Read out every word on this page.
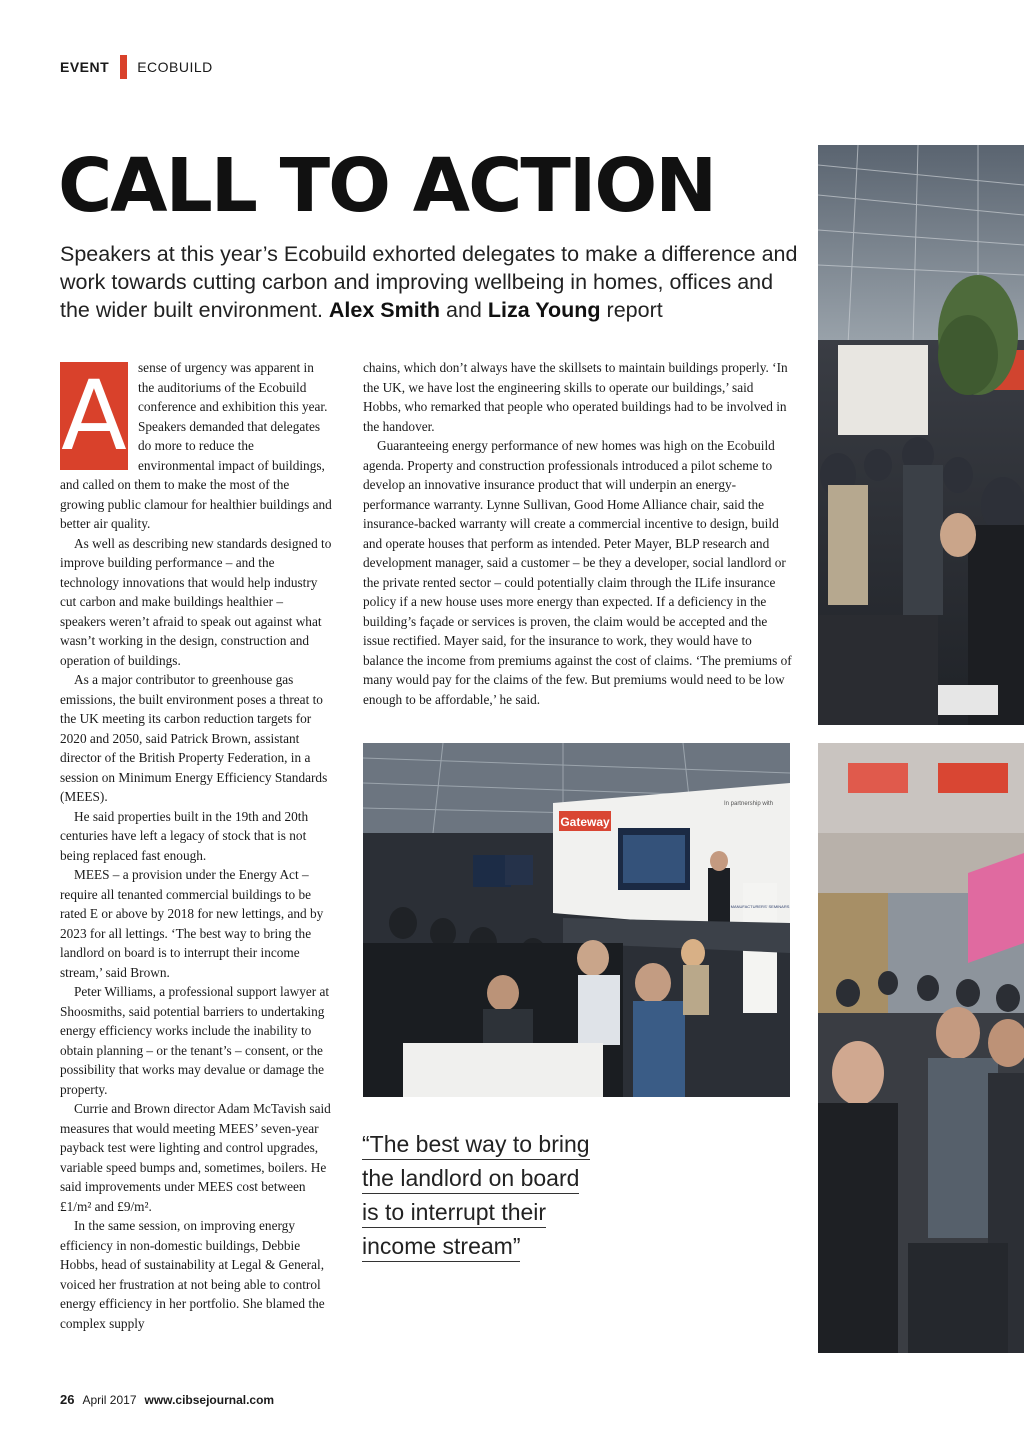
EVENT ECOBUILD
CALL TO ACTION
Speakers at this year’s Ecobuild exhorted delegates to make a difference and work towards cutting carbon and improving wellbeing in homes, offices and the wider built environment. Alex Smith and Liza Young report

A sense of urgency was apparent in the auditoriums of the Ecobuild conference and exhibition this year. Speakers demanded that delegates do more to reduce the environmental impact of buildings, and called on them to make the most of the growing public clamour for healthier buildings and better air quality.

As well as describing new standards designed to improve building performance – and the technology innovations that would help industry cut carbon and make buildings healthier – speakers weren’t afraid to speak out against what wasn’t working in the design, construction and operation of buildings.

As a major contributor to greenhouse gas emissions, the built environment poses a threat to the UK meeting its carbon reduction targets for 2020 and 2050, said Patrick Brown, assistant director of the British Property Federation, in a session on Minimum Energy Efficiency Standards (MEES).

He said properties built in the 19th and 20th centuries have left a legacy of stock that is not being replaced fast enough.

MEES – a provision under the Energy Act – require all tenanted commercial buildings to be rated E or above by 2018 for new lettings, and by 2023 for all lettings. ‘The best way to bring the landlord on board is to interrupt their income stream,’ said Brown.

Peter Williams, a professional support lawyer at Shoosmiths, said potential barriers to undertaking energy efficiency works include the inability to obtain planning – or the tenant’s – consent, or the possibility that works may devalue or damage the property.

Currie and Brown director Adam McTavish said measures that would meeting MEES’ seven-year payback test were lighting and control upgrades, variable speed bumps and, sometimes, boilers. He said improvements under MEES cost between £1/m² and £9/m².

In the same session, on improving energy efficiency in non-domestic buildings, Debbie Hobbs, head of sustainability at Legal & General, voiced her frustration at not being able to control energy efficiency in her portfolio. She blamed the complex supply

chains, which don’t always have the skillsets to maintain buildings properly. ‘In the UK, we have lost the engineering skills to operate our buildings,’ said Hobbs, who remarked that people who operated buildings had to be involved in the handover.

Guaranteeing energy performance of new homes was high on the Ecobuild agenda. Property and construction professionals introduced a pilot scheme to develop an innovative insurance product that will underpin an energy-performance warranty. Lynne Sullivan, Good Home Alliance chair, said the insurance-backed warranty will create a commercial incentive to design, build and operate houses that perform as intended. Peter Mayer, BLP research and development manager, said a customer – be they a developer, social landlord or the private rented sector – could potentially claim through the ILife insurance policy if a new house uses more energy than expected. If a deficiency in the building’s façade or services is proven, the claim would be accepted and the issue rectified. Mayer said, for the insurance to work, they would have to balance the income from premiums against the cost of claims. ‘The premiums of many would pay for the claims of the few. But premiums would need to be low enough to be affordable,’ he said.

Gateway
In partnership with
MANUFACTURERS' SEMINARS
“The best way to bring
the landlord on board
is to interrupt their
income stream”
26 April 2017 www.cibsejournal.com
